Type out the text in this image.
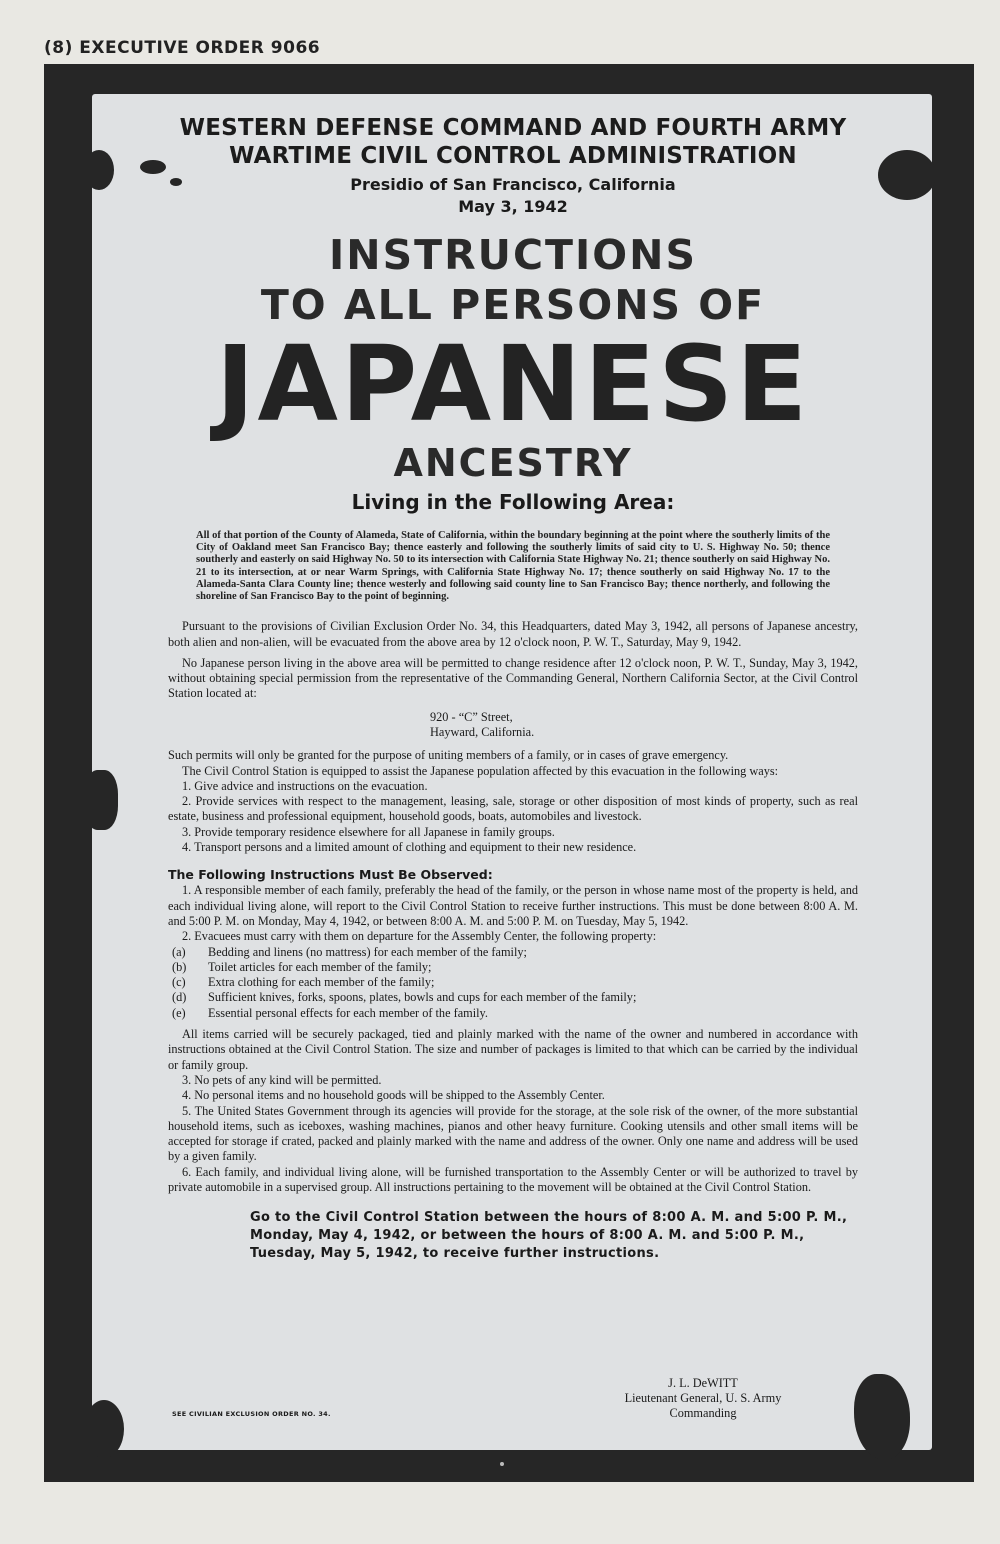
(8) EXECUTIVE ORDER 9066
WESTERN DEFENSE COMMAND AND FOURTH ARMY
WARTIME CIVIL CONTROL ADMINISTRATION
Presidio of San Francisco, California
May 3, 1942
INSTRUCTIONS
TO ALL PERSONS OF
JAPANESE
ANCESTRY
Living in the Following Area:
All of that portion of the County of Alameda, State of California, within the boundary beginning at the point where the southerly limits of the City of Oakland meet San Francisco Bay; thence easterly and following the southerly limits of said city to U. S. Highway No. 50; thence southerly and easterly on said Highway No. 50 to its intersection with California State Highway No. 21; thence southerly on said Highway No. 21 to its intersection, at or near Warm Springs, with California State Highway No. 17; thence southerly on said Highway No. 17 to the Alameda-Santa Clara County line; thence westerly and following said county line to San Francisco Bay; thence northerly, and following the shoreline of San Francisco Bay to the point of beginning.

Pursuant to the provisions of Civilian Exclusion Order No. 34, this Headquarters, dated May 3, 1942, all persons of Japanese ancestry, both alien and non-alien, will be evacuated from the above area by 12 o'clock noon, P. W. T., Saturday, May 9, 1942.

No Japanese person living in the above area will be permitted to change residence after 12 o'clock noon, P. W. T., Sunday, May 3, 1942, without obtaining special permission from the representative of the Commanding General, Northern California Sector, at the Civil Control Station located at:

920 - “C” Street,
Hayward, California.

Such permits will only be granted for the purpose of uniting members of a family, or in cases of grave emergency.

The Civil Control Station is equipped to assist the Japanese population affected by this evacuation in the following ways:

1. Give advice and instructions on the evacuation.

2. Provide services with respect to the management, leasing, sale, storage or other disposition of most kinds of property, such as real estate, business and professional equipment, household goods, boats, automobiles and livestock.

3. Provide temporary residence elsewhere for all Japanese in family groups.

4. Transport persons and a limited amount of clothing and equipment to their new residence.

The Following Instructions Must Be Observed:

1. A responsible member of each family, preferably the head of the family, or the person in whose name most of the property is held, and each individual living alone, will report to the Civil Control Station to receive further instructions. This must be done between 8:00 A. M. and 5:00 P. M. on Monday, May 4, 1942, or between 8:00 A. M. and 5:00 P. M. on Tuesday, May 5, 1942.

2. Evacuees must carry with them on departure for the Assembly Center, the following property:

(a) Bedding and linens (no mattress) for each member of the family;
(b) Toilet articles for each member of the family;
(c) Extra clothing for each member of the family;
(d) Sufficient knives, forks, spoons, plates, bowls and cups for each member of the family;
(e) Essential personal effects for each member of the family.

All items carried will be securely packaged, tied and plainly marked with the name of the owner and numbered in accordance with instructions obtained at the Civil Control Station. The size and number of packages is limited to that which can be carried by the individual or family group.

3. No pets of any kind will be permitted.

4. No personal items and no household goods will be shipped to the Assembly Center.

5. The United States Government through its agencies will provide for the storage, at the sole risk of the owner, of the more substantial household items, such as iceboxes, washing machines, pianos and other heavy furniture. Cooking utensils and other small items will be accepted for storage if crated, packed and plainly marked with the name and address of the owner. Only one name and address will be used by a given family.

6. Each family, and individual living alone, will be furnished transportation to the Assembly Center or will be authorized to travel by private automobile in a supervised group. All instructions pertaining to the movement will be obtained at the Civil Control Station.

Go to the Civil Control Station between the hours of 8:00 A. M. and 5:00 P. M.,
Monday, May 4, 1942, or between the hours of 8:00 A. M. and 5:00 P. M.,
Tuesday, May 5, 1942, to receive further instructions.
J. L. DeWITT
Lieutenant General, U. S. Army
Commanding
SEE CIVILIAN EXCLUSION ORDER NO. 34.
